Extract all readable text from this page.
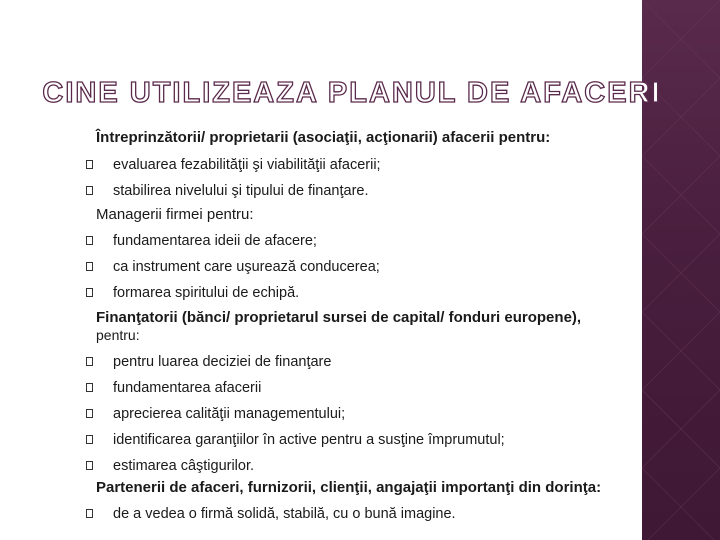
CINE UTILIZEAZA PLANUL DE AFACERI

Întreprinzătorii/ proprietarii (asociaţii, acţionarii) afacerii pentru:

evaluarea fezabilităţii şi viabilităţii afacerii;
stabilirea nivelului şi tipului de finanţare.

Managerii firmei pentru:

fundamentarea ideii de afacere;
ca instrument care uşurează conducerea;
formarea spiritului de echipă.

Finanţatorii (bănci/ proprietarul sursei de capital/ fonduri europene),

pentru:
pentru luarea deciziei de finanţare
fundamentarea afacerii
aprecierea calităţii managementului;
identificarea garanţiilor în active pentru a susţine împrumutul;
estimarea câştigurilor.

Partenerii de afaceri, furnizorii, clienţii, angajaţii importanţi din dorinţa:

de a vedea o firmă solidă, stabilă, cu o bună imagine.
